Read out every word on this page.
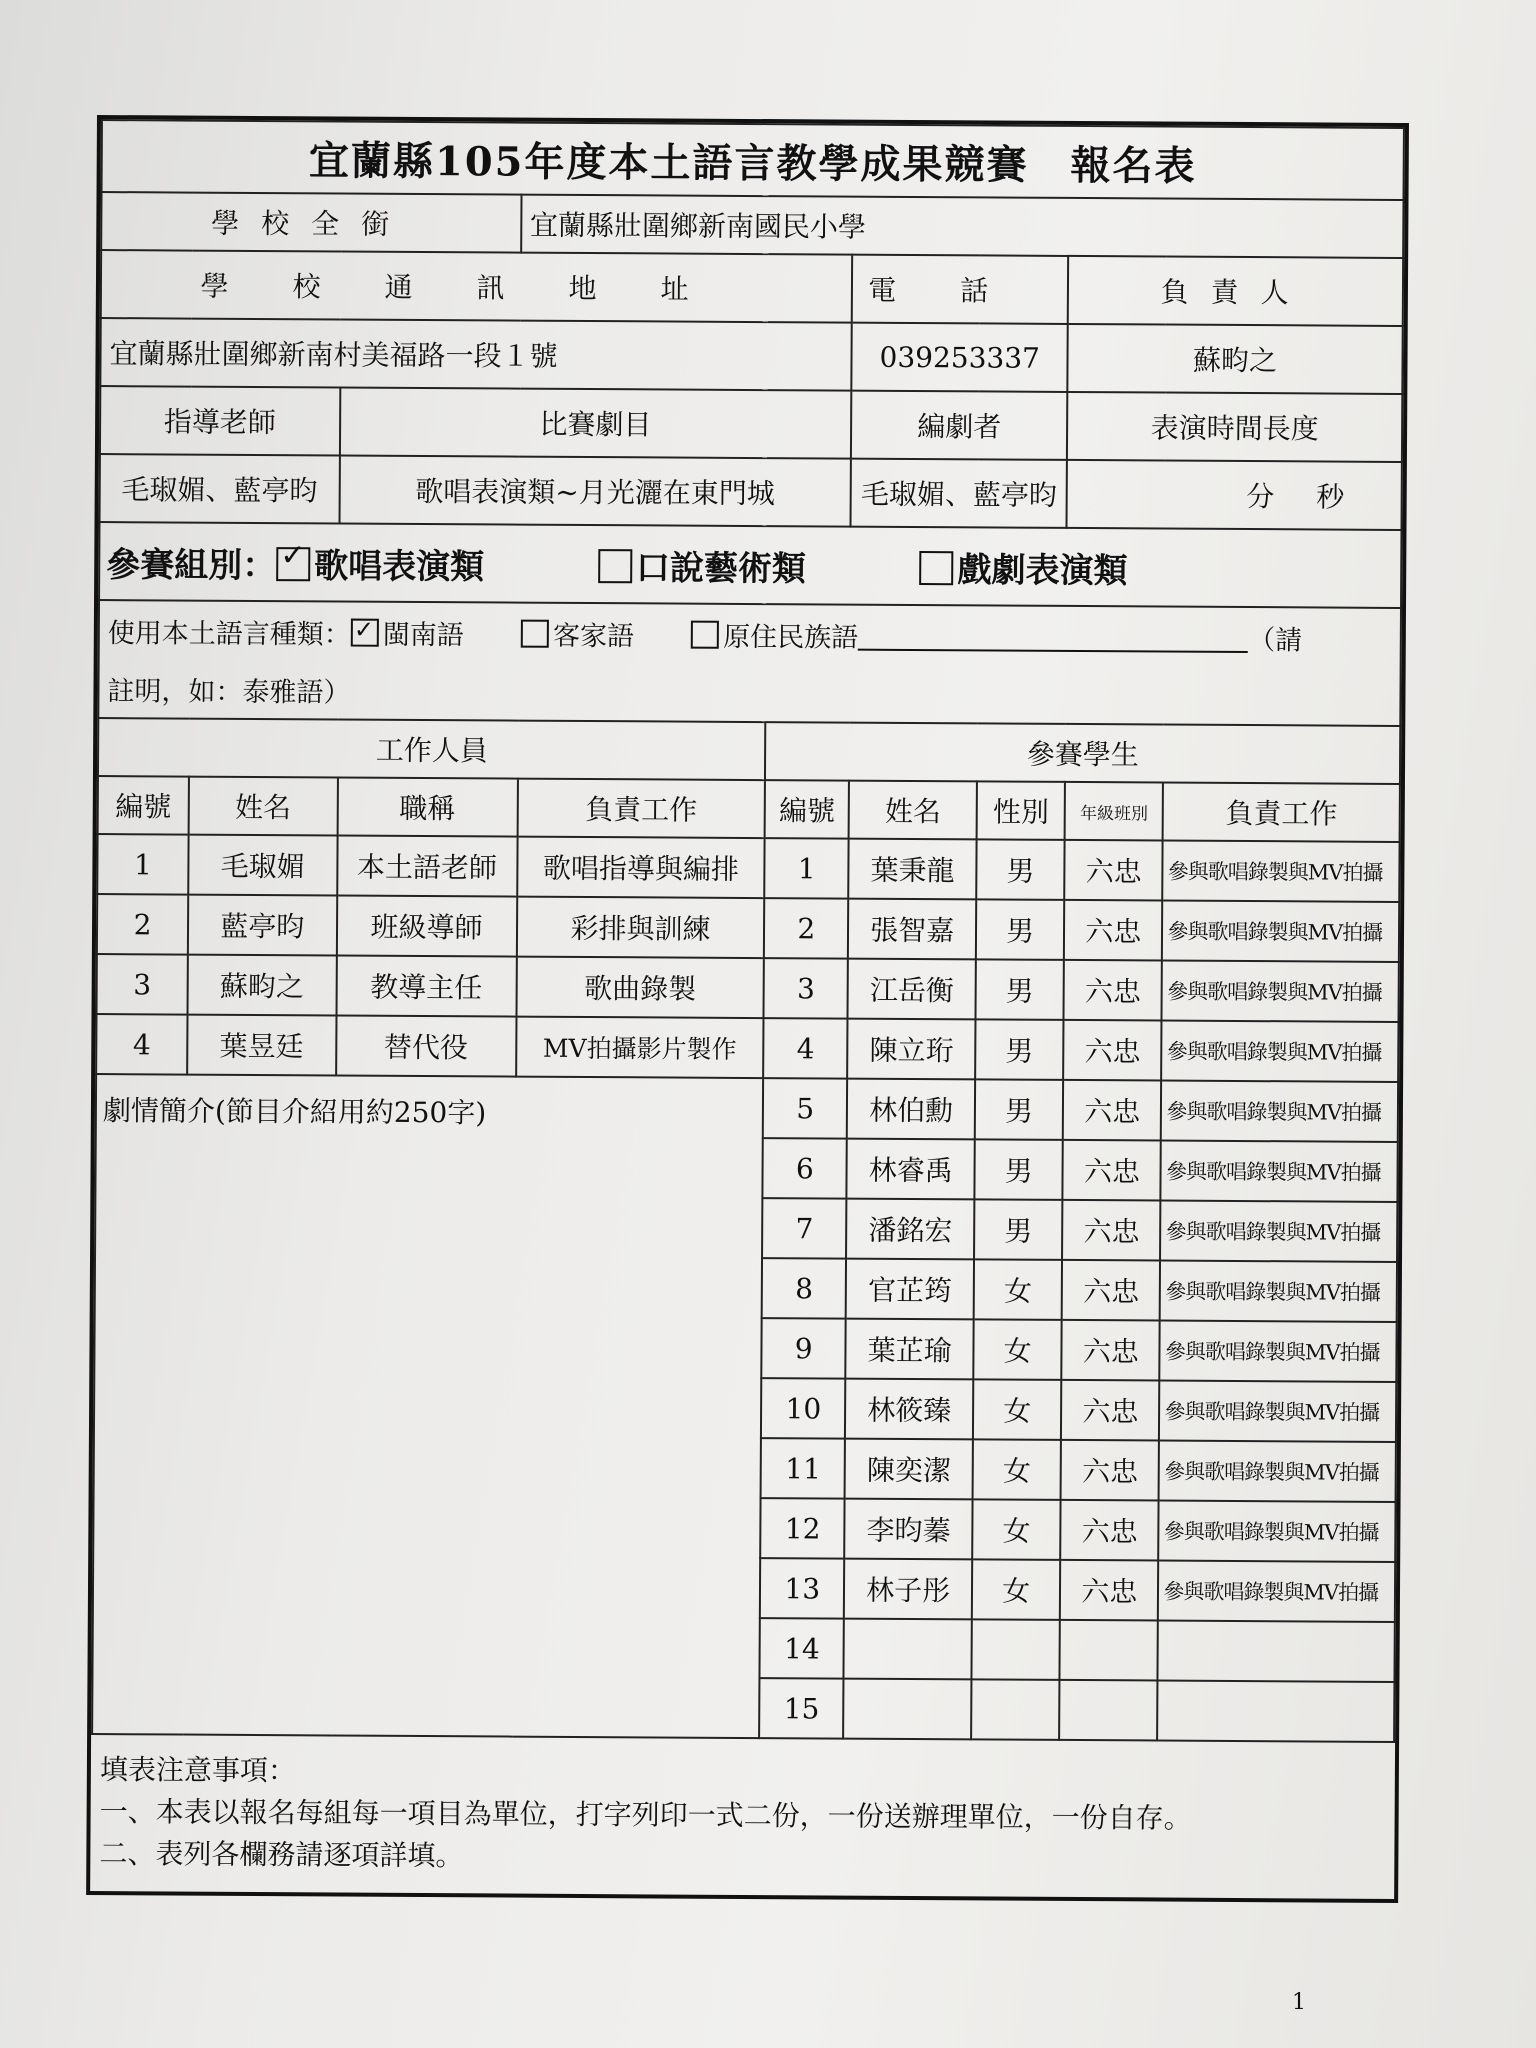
宜蘭縣105年度本土語言教學成果競賽　報名表								
學校全銜			宜蘭縣壯圍鄉新南國民小學					
學校通訊地址					電話		負責人	
宜蘭縣壯圍鄉新南村美福路一段１號					039253337		蘇畇之	
指導老師		比賽劇目			編劇者		表演時間長度	
毛琡媚、藍亭昀		歌唱表演類~月光灑在東門城			毛琡媚、藍亭昀		分 秒	
參賽組別： ✓ 歌唱表演類 口說藝術類 戲劇表演類								
使用本土語言種類： ✓ 閩南語 客家語 原住民族語 （請								
註明，如：泰雅語）								
工作人員				參賽學生				
編號	姓名	職稱	負責工作	編號	姓名	性別	年級班別	負責工作
1	毛琡媚	本土語老師	歌唱指導與編排	1	葉秉龍	男	六忠	參與歌唱錄製與MV拍攝
2	藍亭昀	班級導師	彩排與訓練	2	張智嘉	男	六忠	參與歌唱錄製與MV拍攝
3	蘇畇之	教導主任	歌曲錄製	3	江岳衡	男	六忠	參與歌唱錄製與MV拍攝
4	葉昱廷	替代役	MV拍攝影片製作	4	陳立珩	男	六忠	參與歌唱錄製與MV拍攝
劇情簡介(節目介紹用約250字)				5	林伯勳	男	六忠	參與歌唱錄製與MV拍攝
				6	林睿禹	男	六忠	參與歌唱錄製與MV拍攝
				7	潘銘宏	男	六忠	參與歌唱錄製與MV拍攝
				8	官芷筠	女	六忠	參與歌唱錄製與MV拍攝
				9	葉芷瑜	女	六忠	參與歌唱錄製與MV拍攝
				10	林筱臻	女	六忠	參與歌唱錄製與MV拍攝
				11	陳奕潔	女	六忠	參與歌唱錄製與MV拍攝
				12	李昀蓁	女	六忠	參與歌唱錄製與MV拍攝
				13	林子彤	女	六忠	參與歌唱錄製與MV拍攝
				14				
				15				

填表注意事項：
一、本表以報名每組每一項目為單位，打字列印一式二份，一份送辦理單位，一份自存。
二、表列各欄務請逐項詳填。								
1
